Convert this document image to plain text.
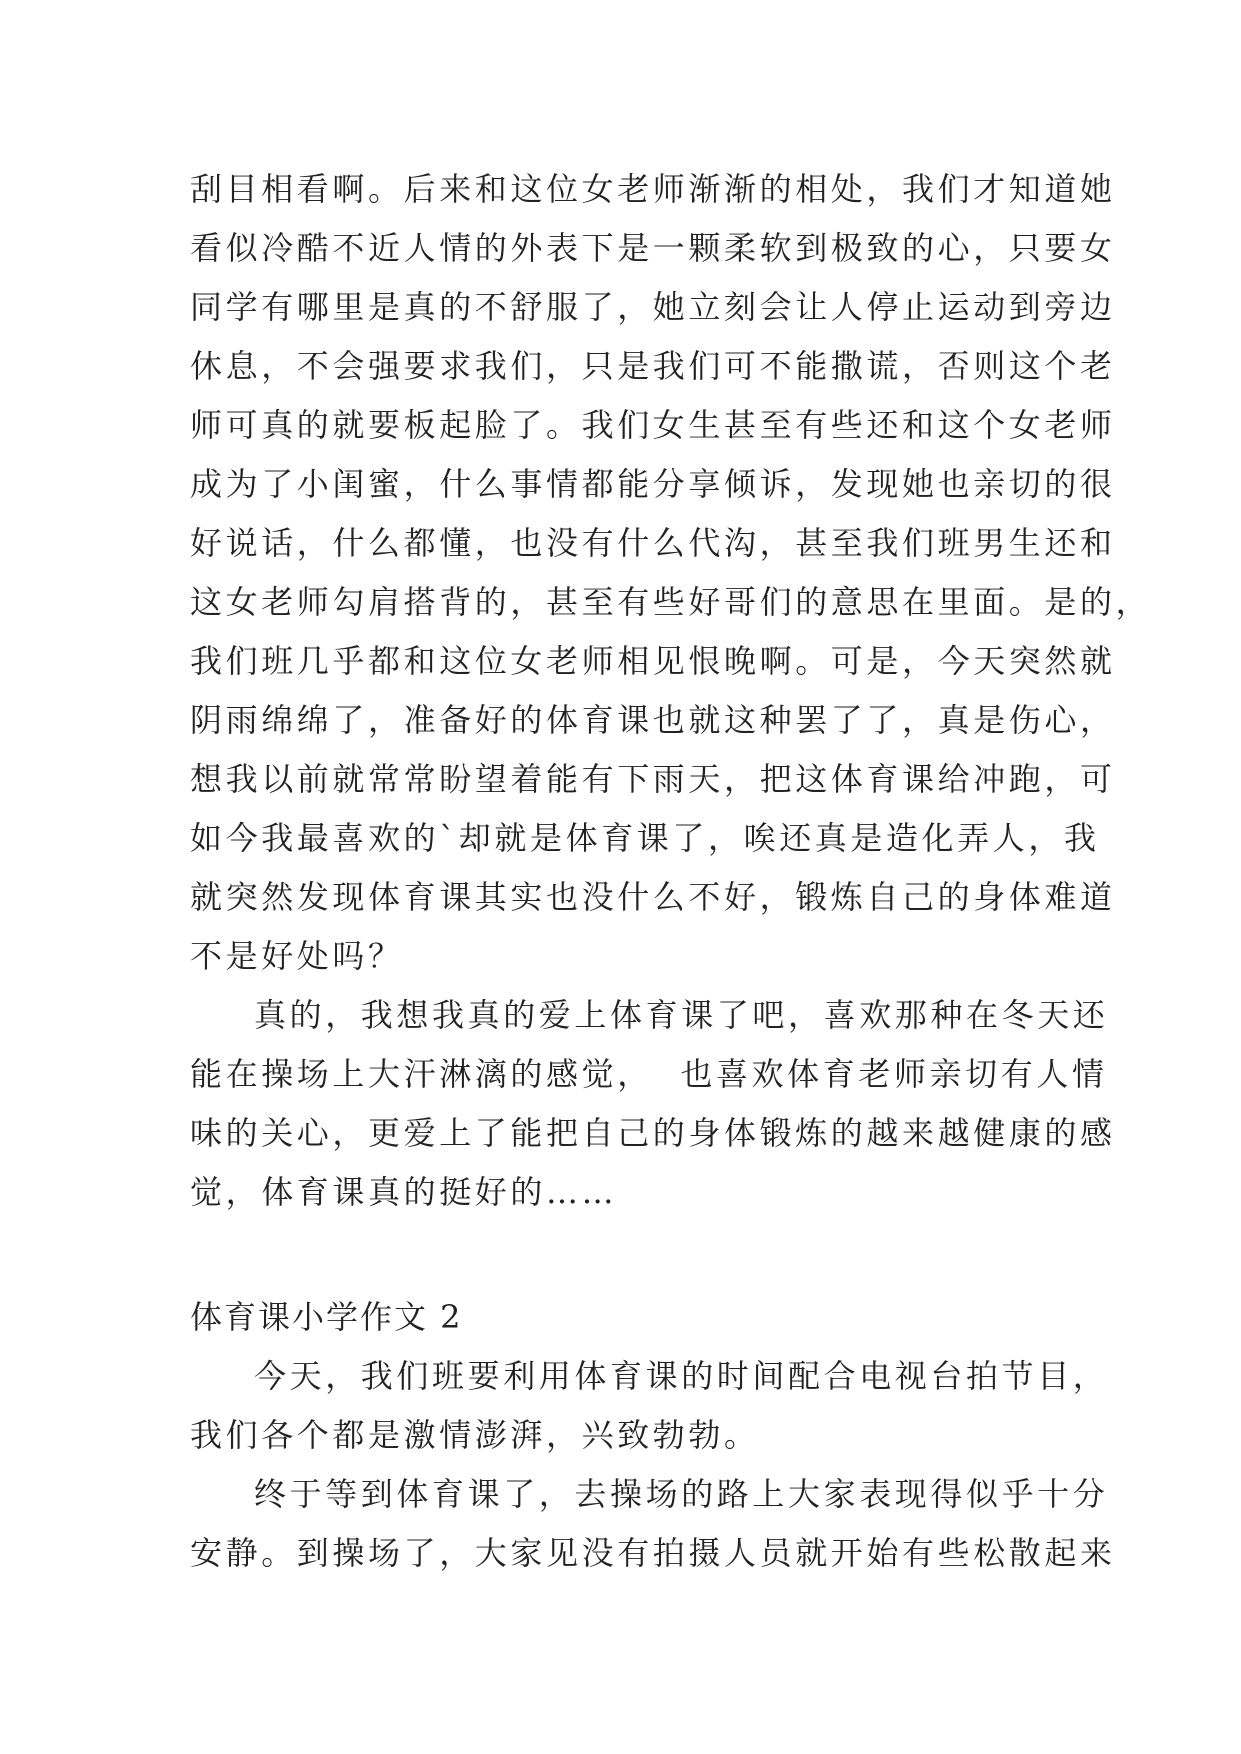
刮目相看啊。后来和这位女老师渐渐的相处，我们才知道她
看似冷酷不近人情的外表下是一颗柔软到极致的心，只要女
同学有哪里是真的不舒服了，她立刻会让人停止运动到旁边
休息，不会强要求我们，只是我们可不能撒谎，否则这个老
师可真的就要板起脸了。我们女生甚至有些还和这个女老师
成为了小闺蜜，什么事情都能分享倾诉，发现她也亲切的很
好说话，什么都懂，也没有什么代沟，甚至我们班男生还和
这女老师勾肩搭背的，甚至有些好哥们的意思在里面。是的，
我们班几乎都和这位女老师相见恨晚啊。可是，今天突然就
阴雨绵绵了，准备好的体育课也就这种罢了了，真是伤心，
想我以前就常常盼望着能有下雨天，把这体育课给冲跑，可
如今我最喜欢的`却就是体育课了，唉还真是造化弄人，我
就突然发现体育课其实也没什么不好，锻炼自己的身体难道
不是好处吗？
真的，我想我真的爱上体育课了吧，喜欢那种在冬天还
能在操场上大汗淋漓的感觉，  也喜欢体育老师亲切有人情
味的关心，更爱上了能把自己的身体锻炼的越来越健康的感
觉，体育课真的挺好的……
体育课小学作文 2
今天，我们班要利用体育课的时间配合电视台拍节目，
我们各个都是激情澎湃，兴致勃勃。
终于等到体育课了，去操场的路上大家表现得似乎十分
安静。到操场了，大家见没有拍摄人员就开始有些松散起来
